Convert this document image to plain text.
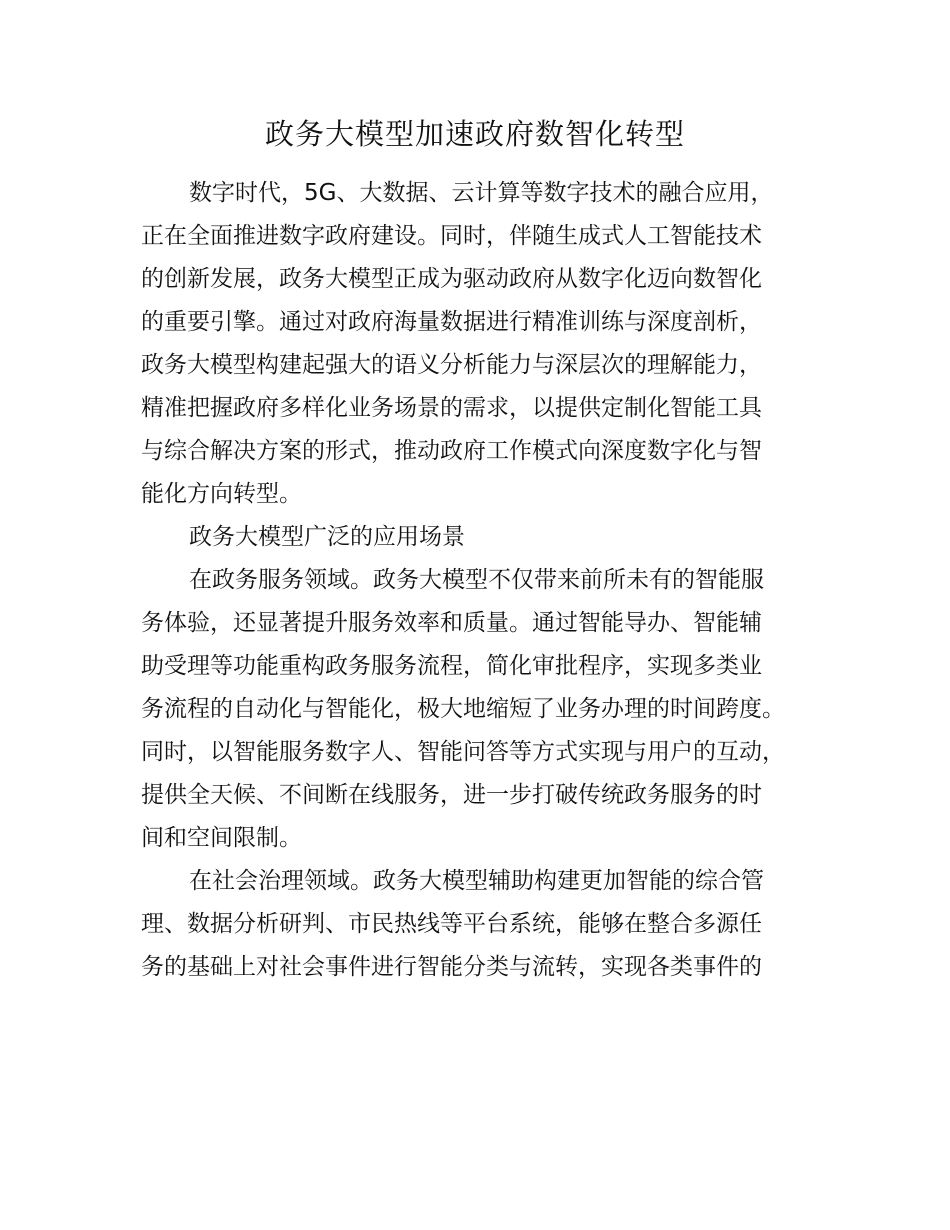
政务大模型加速政府数智化转型
数字时代，5G、大数据、云计算等数字技术的融合应用，
正在全面推进数字政府建设。同时，伴随生成式人工智能技术
的创新发展，政务大模型正成为驱动政府从数字化迈向数智化
的重要引擎。通过对政府海量数据进行精准训练与深度剖析，
政务大模型构建起强大的语义分析能力与深层次的理解能力，
精准把握政府多样化业务场景的需求，以提供定制化智能工具
与综合解决方案的形式，推动政府工作模式向深度数字化与智
能化方向转型。
政务大模型广泛的应用场景
在政务服务领域。政务大模型不仅带来前所未有的智能服
务体验，还显著提升服务效率和质量。通过智能导办、智能辅
助受理等功能重构政务服务流程，简化审批程序，实现多类业
务流程的自动化与智能化，极大地缩短了业务办理的时间跨度。
同时，以智能服务数字人、智能问答等方式实现与用户的互动，
提供全天候、不间断在线服务，进一步打破传统政务服务的时
间和空间限制。
在社会治理领域。政务大模型辅助构建更加智能的综合管
理、数据分析研判、市民热线等平台系统，能够在整合多源任
务的基础上对社会事件进行智能分类与流转，实现各类事件的
